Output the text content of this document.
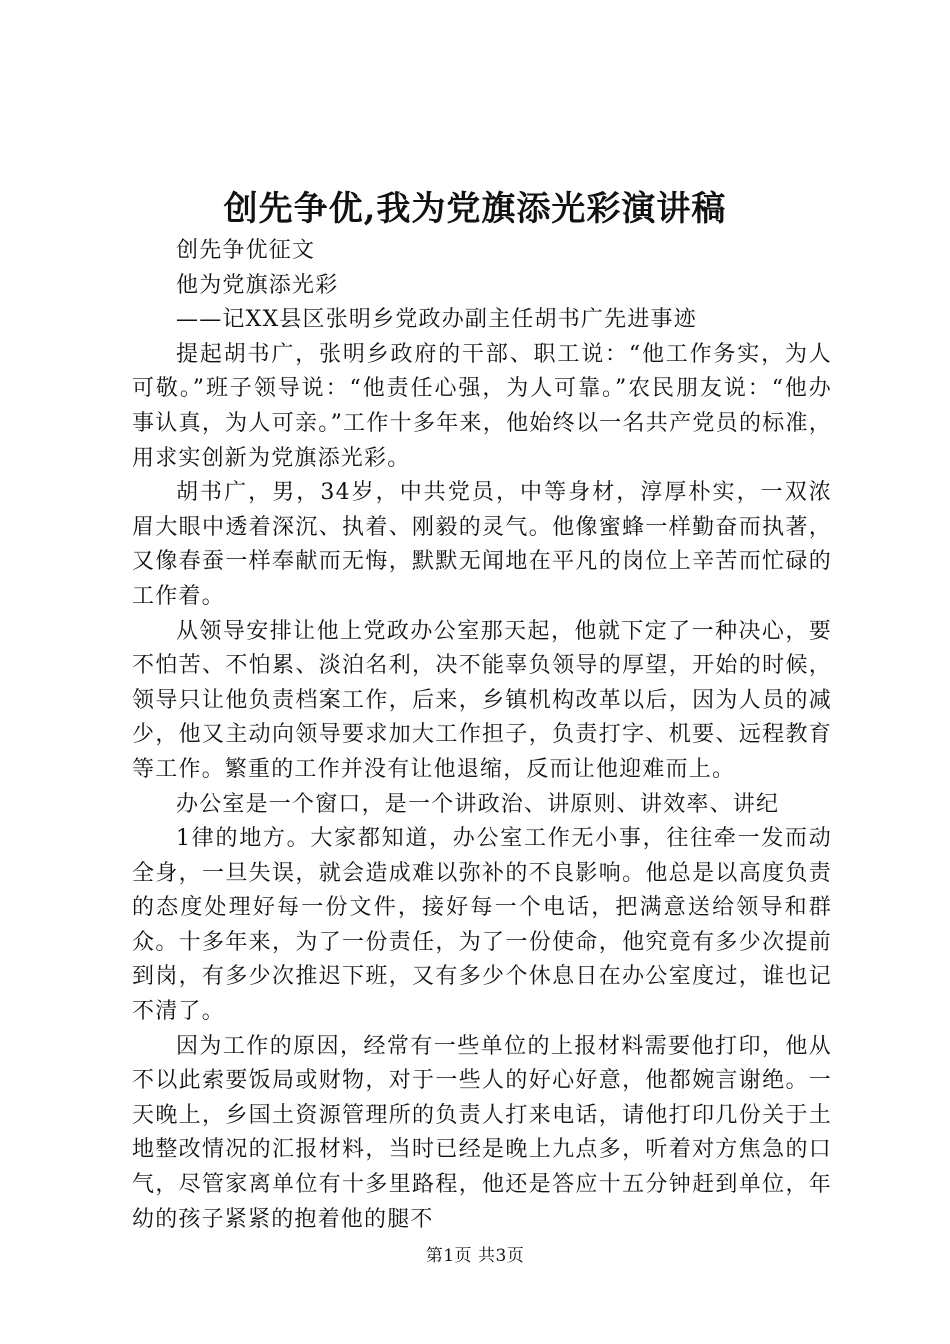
创先争优,我为党旗添光彩演讲稿

创先争优征文

他为党旗添光彩

——记XX县区张明乡党政办副主任胡书广先进事迹

提起胡书广，张明乡政府的干部、职工说：“他工作务实，为人可敬。”班子领导说：“他责任心强，为人可靠。”农民朋友说：“他办事认真，为人可亲。”工作十多年来，他始终以一名共产党员的标准，用求实创新为党旗添光彩。

胡书广，男，34岁，中共党员，中等身材，淳厚朴实，一双浓眉大眼中透着深沉、执着、刚毅的灵气。他像蜜蜂一样勤奋而执著，又像春蚕一样奉献而无悔，默默无闻地在平凡的岗位上辛苦而忙碌的工作着。

从领导安排让他上党政办公室那天起，他就下定了一种决心，要不怕苦、不怕累、淡泊名利，决不能辜负领导的厚望，开始的时候，领导只让他负责档案工作，后来，乡镇机构改革以后，因为人员的减少，他又主动向领导要求加大工作担子，负责打字、机要、远程教育等工作。繁重的工作并没有让他退缩，反而让他迎难而上。

办公室是一个窗口，是一个讲政治、讲原则、讲效率、讲纪

1律的地方。大家都知道，办公室工作无小事，往往牵一发而动全身，一旦失误，就会造成难以弥补的不良影响。他总是以高度负责的态度处理好每一份文件，接好每一个电话，把满意送给领导和群众。十多年来，为了一份责任，为了一份使命，他究竟有多少次提前到岗，有多少次推迟下班，又有多少个休息日在办公室度过，谁也记不清了。

因为工作的原因，经常有一些单位的上报材料需要他打印，他从不以此索要饭局或财物，对于一些人的好心好意，他都婉言谢绝。一天晚上，乡国土资源管理所的负责人打来电话，请他打印几份关于土地整改情况的汇报材料，当时已经是晚上九点多，听着对方焦急的口气，尽管家离单位有十多里路程，他还是答应十五分钟赶到单位，年幼的孩子紧紧的抱着他的腿不

第1页 共3页
